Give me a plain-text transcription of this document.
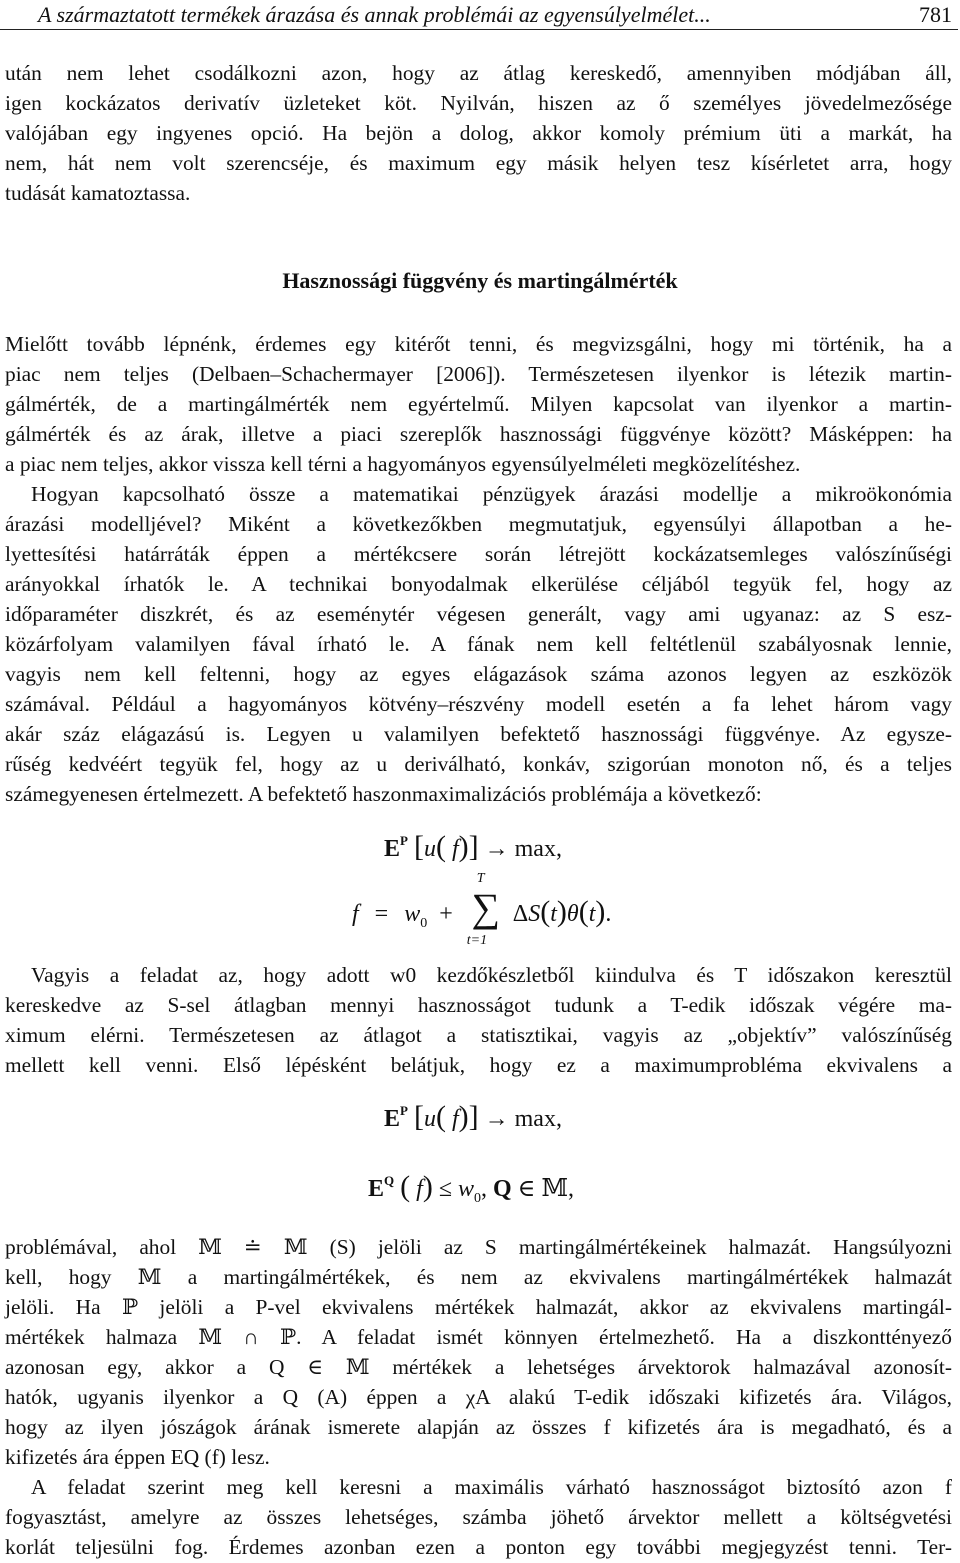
A származtatott termékek árazása és annak problémái az egyensúlyelmélet...	781
után nem lehet csodálkozni azon, hogy az átlag kereskedő, amennyiben módjában áll,
igen kockázatos derivatív üzleteket köt. Nyilván, hiszen az ő személyes jövedelmezősége
valójában egy ingyenes opció. Ha bejön a dolog, akkor komoly prémium üti a markát, ha
nem, hát nem volt szerencséje, és maximum egy másik helyen tesz kísérletet arra, hogy
tudását kamatoztassa.
Hasznossági függvény és martingálmérték
Mielőtt tovább lépnénk, érdemes egy kitérőt tenni, és megvizsgálni, hogy mi történik, ha a
piac nem teljes (Delbaen–Schachermayer [2006]). Természetesen ilyenkor is létezik martin-
gálmérték, de a martingálmérték nem egyértelmű. Milyen kapcsolat van ilyenkor a martin-
gálmérték és az árak, illetve a piaci szereplők hasznossági függvénye között? Másképpen: ha
a piac nem teljes, akkor vissza kell térni a hagyományos egyensúlyelméleti megközelítéshez.
Hogyan kapcsolható össze a matematikai pénzügyek árazási modellje a mikroökonómia
árazási modelljével? Miként a következőkben megmutatjuk, egyensúlyi állapotban a he-
lyettesítési határráták éppen a mértékcsere során létrejött kockázatsemleges valószínűségi
arányokkal írhatók le. A technikai bonyodalmak elkerülése céljából tegyük fel, hogy az
időparaméter diszkrét, és az eseménytér végesen generált, vagy ami ugyanaz: az S esz-
közárfolyam valamilyen fával írható le. A fának nem kell feltétlenül szabályosnak lennie,
vagyis nem kell feltenni, hogy az egyes elágazások száma azonos legyen az eszközök
számával. Például a hagyományos kötvény–részvény modell esetén a fa lehet három vagy
akár száz elágazású is. Legyen u valamilyen befektető hasznossági függvénye. Az egysze-
rűség kedvéért tegyük fel, hogy az u deriválható, konkáv, szigorúan monoton nő, és a teljes
számegyenesen értelmezett. A befektető haszonmaximalizációs problémája a következő:
$E^P$ [u( f)] → max,
$f = w_0$ +
T
∑
t=1
ΔS(t)θ(t).
Vagyis a feladat az, hogy adott w0 kezdőkészletből kiindulva és T időszakon keresztül
kereskedve az S-sel átlagban mennyi hasznosságot tudunk a T-edik időszak végére ma-
ximum elérni. Természetesen az átlagot a statisztikai, vagyis az „objektív” valószínűség
mellett kell venni. Első lépésként belátjuk, hogy ez a maximumprobléma ekvivalens a
$E^P$ [u( f)] → max,
$E^Q$ ( $f) \le w_0$, Q ∈ 𝕄,
problémával, ahol 𝕄 ≐ 𝕄 (S) jelöli az S martingálmértékeinek halmazát. Hangsúlyozni
kell, hogy 𝕄 a martingálmértékek, és nem az ekvivalens martingálmértékek halmazát
jelöli. Ha ℙ jelöli a P-vel ekvivalens mértékek halmazát, akkor az ekvivalens martingál-
mértékek halmaza 𝕄 ∩ ℙ. A feladat ismét könnyen értelmezhető. Ha a diszkonttényező
azonosan egy, akkor a Q ∈ 𝕄 mértékek a lehetséges árvektorok halmazával azonosít-
hatók, ugyanis ilyenkor a Q (A) éppen a χA alakú T-edik időszaki kifizetés ára. Világos,
hogy az ilyen jószágok árának ismerete alapján az összes f kifizetés ára is megadható, és a
kifizetés ára éppen EQ (f) lesz.
A feladat szerint meg kell keresni a maximális várható hasznosságot biztosító azon f
fogyasztást, amelyre az összes lehetséges, számba jöhető árvektor mellett a költségvetési
korlát teljesülni fog. Érdemes azonban ezen a ponton egy további megjegyzést tenni. Ter-
